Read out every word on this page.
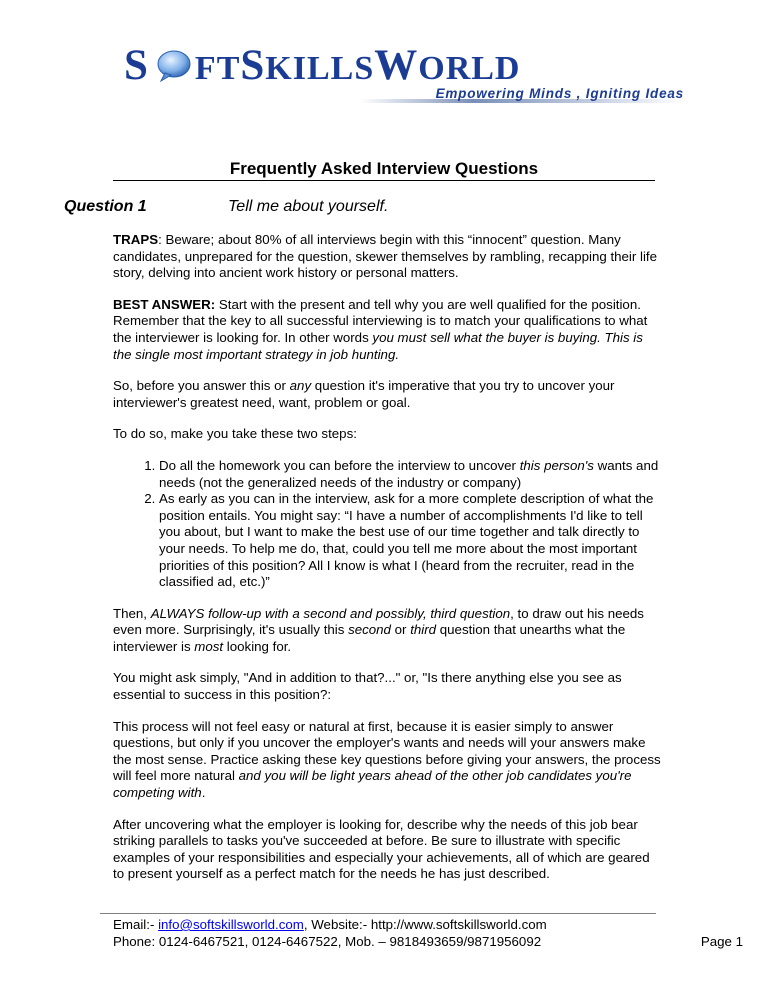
S FTSKILLSWORLD
Empowering Minds , Igniting Ideas
Frequently Asked Interview Questions
Question 1	Tell me about yourself.

TRAPS: Beware; about 80% of all interviews begin with this “innocent” question. Many candidates, unprepared for the question, skewer themselves by rambling, recapping their life story, delving into ancient work history or personal matters.

BEST ANSWER: Start with the present and tell why you are well qualified for the position. Remember that the key to all successful interviewing is to match your qualifications to what the interviewer is looking for. In other words you must sell what the buyer is buying. This is the single most important strategy in job hunting.

So, before you answer this or any question it's imperative that you try to uncover your interviewer's greatest need, want, problem or goal.

To do so, make you take these two steps:

1. Do all the homework you can before the interview to uncover this person's wants and needs (not the generalized needs of the industry or company)
2. As early as you can in the interview, ask for a more complete description of what the position entails. You might say: “I have a number of accomplishments I'd like to tell you about, but I want to make the best use of our time together and talk directly to your needs. To help me do, that, could you tell me more about the most important priorities of this position? All I know is what I (heard from the recruiter, read in the classified ad, etc.)”

Then, ALWAYS follow-up with a second and possibly, third question, to draw out his needs even more. Surprisingly, it's usually this second or third question that unearths what the interviewer is most looking for.

You might ask simply, "And in addition to that?..." or, "Is there anything else you see as essential to success in this position?:

This process will not feel easy or natural at first, because it is easier simply to answer questions, but only if you uncover the employer's wants and needs will your answers make the most sense. Practice asking these key questions before giving your answers, the process will feel more natural and you will be light years ahead of the other job candidates you're competing with.

After uncovering what the employer is looking for, describe why the needs of this job bear striking parallels to tasks you've succeeded at before. Be sure to illustrate with specific examples of your responsibilities and especially your achievements, all of which are geared to present yourself as a perfect match for the needs he has just described.

Email:- info@softskillsworld.com, Website:- http://www.softskillsworld.com
Phone: 0124-6467521, 0124-6467522, Mob. – 9818493659/9871956092	Page 1
